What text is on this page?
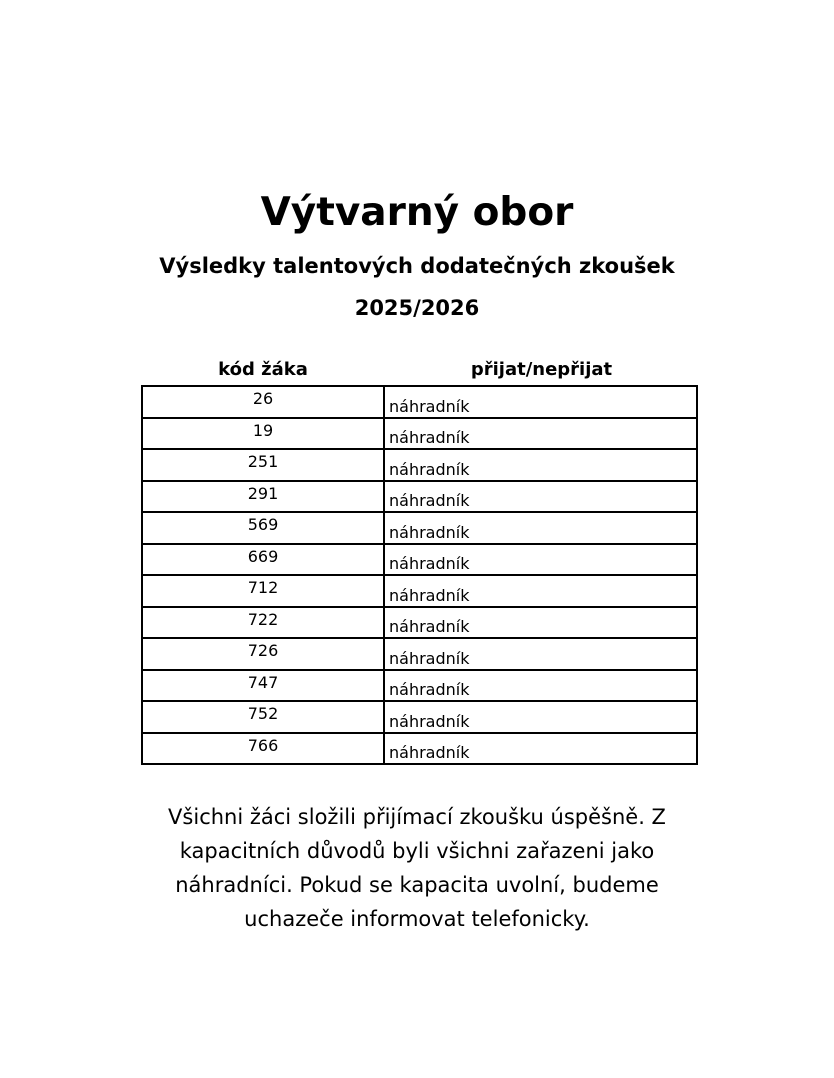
Výtvarný obor
Výsledky talentových dodatečných zkoušek
2025/2026
kód žáka	přijat/nepřijat
26	náhradník
19	náhradník
251	náhradník
291	náhradník
569	náhradník
669	náhradník
712	náhradník
722	náhradník
726	náhradník
747	náhradník
752	náhradník
766	náhradník
Všichni žáci složili přijímací zkoušku úspěšně. Z
kapacitních důvodů byli všichni zařazeni jako
náhradníci. Pokud se kapacita uvolní, budeme
uchazeče informovat telefonicky.
